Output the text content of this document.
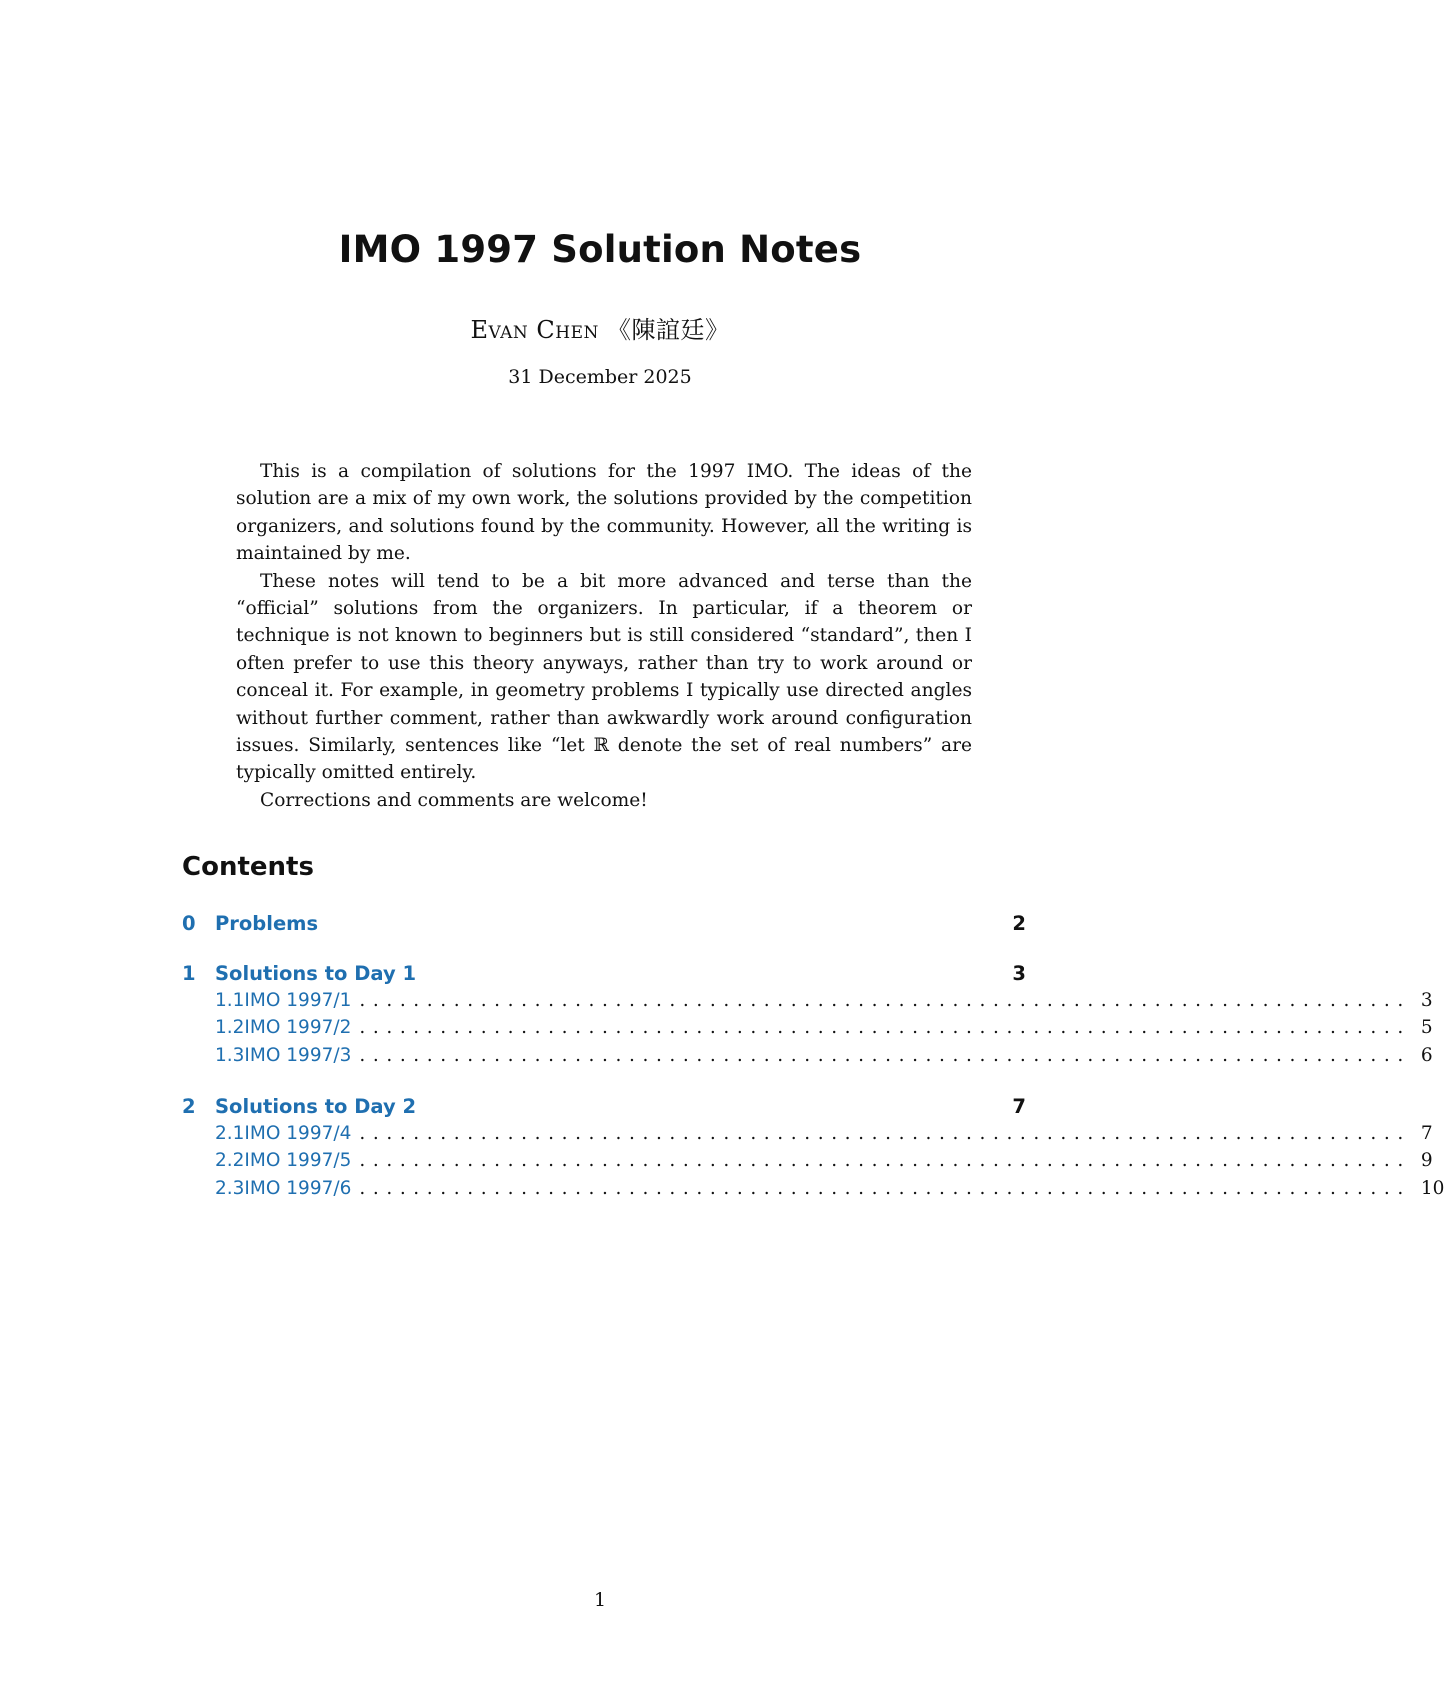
IMO 1997 Solution Notes
Evan Chen 《陳誼廷》
31 December 2025

This is a compilation of solutions for the 1997 IMO. The ideas of the solution are a mix of my own work, the solutions provided by the competition organizers, and solutions found by the community. However, all the writing is maintained by me.

These notes will tend to be a bit more advanced and terse than the “official” solutions from the organizers. In particular, if a theorem or technique is not known to beginners but is still considered “standard”, then I often prefer to use this theory anyways, rather than try to work around or conceal it. For example, in geometry problems I typically use directed angles without further comment, rather than awkwardly work around configuration issues. Similarly, sentences like “let ℝ denote the set of real numbers” are typically omitted entirely.

Corrections and comments are welcome!

Contents
0 Problems	2
1 Solutions to Day 1	3
1.1 IMO 1997/1 .............................................................................. 3
1.2 IMO 1997/2 .............................................................................. 5
1.3 IMO 1997/3 .............................................................................. 6
2 Solutions to Day 2	7
2.1 IMO 1997/4 .............................................................................. 7
2.2 IMO 1997/5 .............................................................................. 9
2.3 IMO 1997/6 .............................................................................. 10
1
